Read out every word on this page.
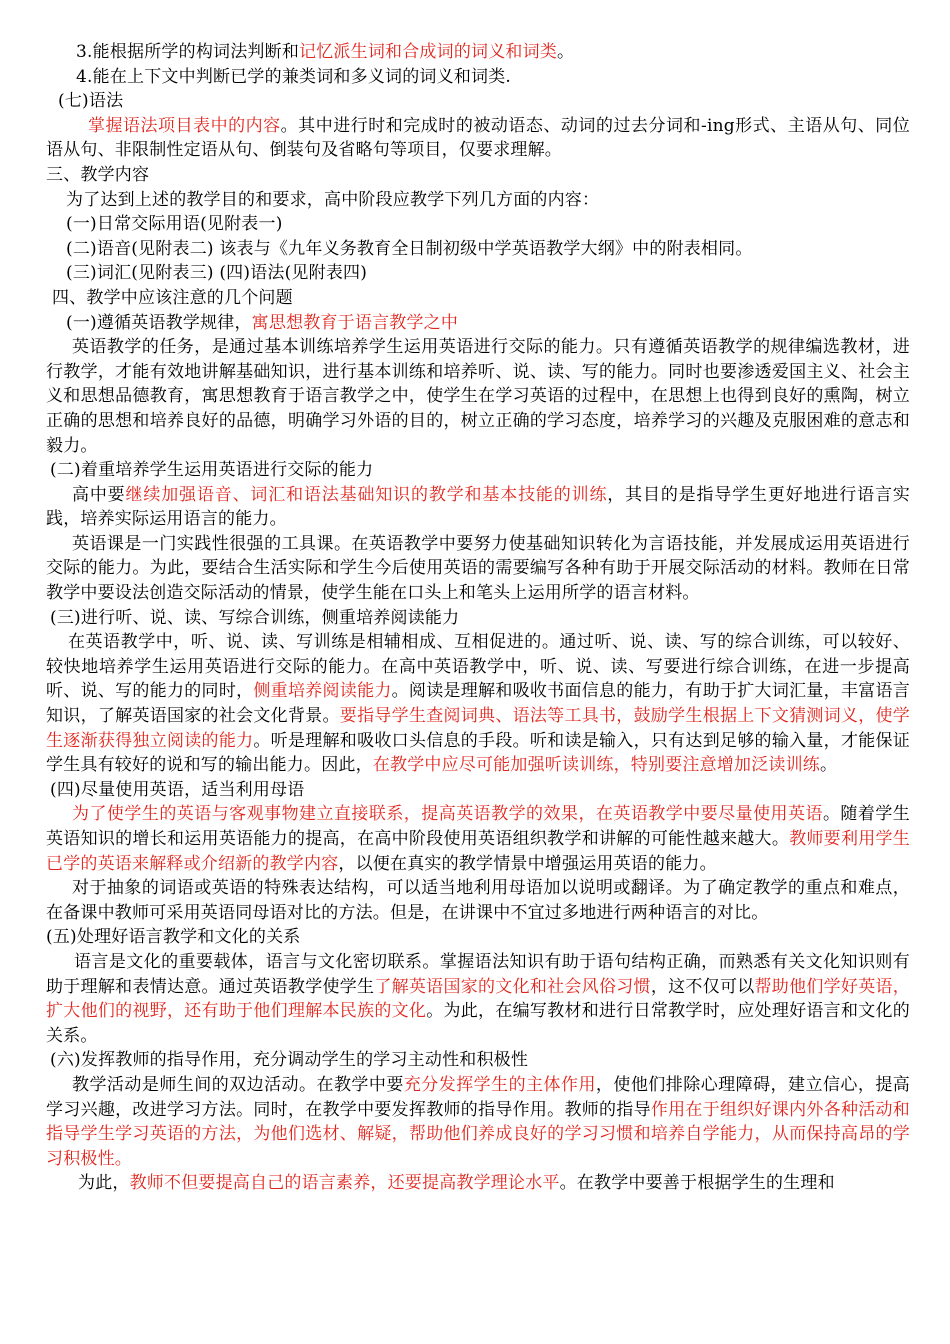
3.能根据所学的构词法判断和记忆派生词和合成词的词义和词类。

4.能在上下文中判断已学的兼类词和多义词的词义和词类.

(七)语法

掌握语法项目表中的内容。其中进行时和完成时的被动语态、动词的过去分词和-ing形式、主语从句、同位语从句、非限制性定语从句、倒装句及省略句等项目，仅要求理解。

三、教学内容

为了达到上述的教学目的和要求，高中阶段应教学下列几方面的内容：

(一)日常交际用语(见附表一)

(二)语音(见附表二) 该表与《九年义务教育全日制初级中学英语教学大纲》中的附表相同。

(三)词汇(见附表三) (四)语法(见附表四)

四、教学中应该注意的几个问题

(一)遵循英语教学规律，寓思想教育于语言教学之中

英语教学的任务，是通过基本训练培养学生运用英语进行交际的能力。只有遵循英语教学的规律编选教材，进行教学，才能有效地讲解基础知识，进行基本训练和培养听、说、读、写的能力。同时也要渗透爱国主义、社会主义和思想品德教育，寓思想教育于语言教学之中，使学生在学习英语的过程中，在思想上也得到良好的熏陶，树立正确的思想和培养良好的品德，明确学习外语的目的，树立正确的学习态度，培养学习的兴趣及克服困难的意志和毅力。

(二)着重培养学生运用英语进行交际的能力

高中要继续加强语音、词汇和语法基础知识的教学和基本技能的训练，其目的是指导学生更好地进行语言实践，培养实际运用语言的能力。

英语课是一门实践性很强的工具课。在英语教学中要努力使基础知识转化为言语技能，并发展成运用英语进行交际的能力。为此，要结合生活实际和学生今后使用英语的需要编写各种有助于开展交际活动的材料。教师在日常教学中要设法创造交际活动的情景，使学生能在口头上和笔头上运用所学的语言材料。

(三)进行听、说、读、写综合训练，侧重培养阅读能力

在英语教学中，听、说、读、写训练是相辅相成、互相促进的。通过听、说、读、写的综合训练，可以较好、较快地培养学生运用英语进行交际的能力。在高中英语教学中，听、说、读、写要进行综合训练，在进一步提高听、说、写的能力的同时，侧重培养阅读能力。阅读是理解和吸收书面信息的能力，有助于扩大词汇量，丰富语言知识，了解英语国家的社会文化背景。要指导学生查阅词典、语法等工具书，鼓励学生根据上下文猜测词义，使学生逐渐获得独立阅读的能力。听是理解和吸收口头信息的手段。听和读是输入，只有达到足够的输入量，才能保证学生具有较好的说和写的输出能力。因此，在教学中应尽可能加强听读训练，特别要注意增加泛读训练。

(四)尽量使用英语，适当利用母语

为了使学生的英语与客观事物建立直接联系，提高英语教学的效果，在英语教学中要尽量使用英语。随着学生英语知识的增长和运用英语能力的提高，在高中阶段使用英语组织教学和讲解的可能性越来越大。教师要利用学生已学的英语来解释或介绍新的教学内容，以便在真实的教学情景中增强运用英语的能力。

对于抽象的词语或英语的特殊表达结构，可以适当地利用母语加以说明或翻译。为了确定教学的重点和难点，在备课中教师可采用英语同母语对比的方法。但是，在讲课中不宜过多地进行两种语言的对比。

(五)处理好语言教学和文化的关系

语言是文化的重要载体，语言与文化密切联系。掌握语法知识有助于语句结构正确，而熟悉有关文化知识则有助于理解和表情达意。通过英语教学使学生了解英语国家的文化和社会风俗习惯，这不仅可以帮助他们学好英语，扩大他们的视野，还有助于他们理解本民族的文化。为此，在编写教材和进行日常教学时，应处理好语言和文化的关系。

(六)发挥教师的指导作用，充分调动学生的学习主动性和积极性

教学活动是师生间的双边活动。在教学中要充分发挥学生的主体作用，使他们排除心理障碍，建立信心，提高学习兴趣，改进学习方法。同时，在教学中要发挥教师的指导作用。教师的指导作用在于组织好课内外各种活动和指导学生学习英语的方法，为他们选材、解疑，帮助他们养成良好的学习习惯和培养自学能力，从而保持高昂的学习积极性。

为此，教师不但要提高自己的语言素养，还要提高教学理论水平。在教学中要善于根据学生的生理和
